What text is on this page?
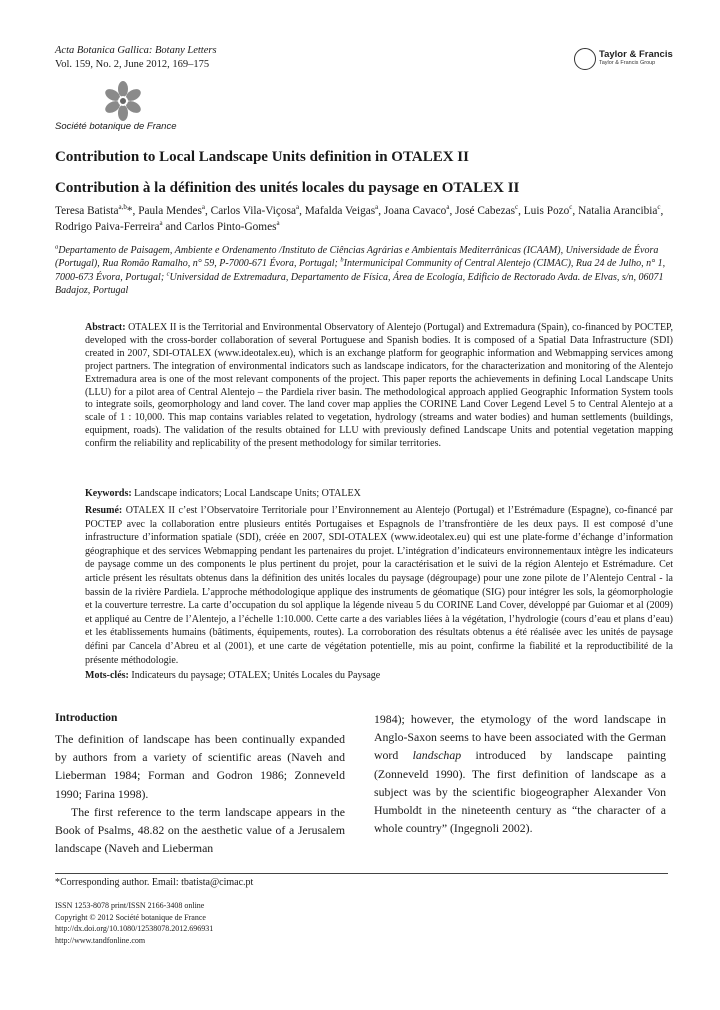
Acta Botanica Gallica: Botany Letters
Vol. 159, No. 2, June 2012, 169–175
Taylor & Francis
Taylor & Francis Group
Société botanique de France
Contribution to Local Landscape Units definition in OTALEX II
Contribution à la définition des unités locales du paysage en OTALEX II
Teresa Batista$^{a,b}$*, Paula Mendes$^a$, Carlos Vila-Viçosa$^a$, Mafalda Veigas$^a$, Joana Cavaco$^a$, José Cabezas$^c$, Luis Pozo$^c$, Natalia Arancibia$^c$, Rodrigo Paiva-Ferreira$^a$ and Carlos Pinto-Gomes$^a$
$^a$Departamento de Paisagem, Ambiente e Ordenamento /Instituto de Ciências Agrárias e Ambientais Mediterrânicas (ICAAM), Universidade de Évora (Portugal), Rua Romão Ramalho, n° 59, P-7000-671 Évora, Portugal; $^b$Intermunicipal Community of Central Alentejo (CIMAC), Rua 24 de Julho, n° 1, 7000-673 Évora, Portugal; $^c$Universidad de Extremadura, Departamento de Física, Área de Ecología, Edificio de Rectorado Avda. de Elvas, s/n, 06071 Badajoz, Portugal
Abstract: OTALEX II is the Territorial and Environmental Observatory of Alentejo (Portugal) and Extremadura (Spain), co-financed by POCTEP, developed with the cross-border collaboration of several Portuguese and Spanish bodies. It is composed of a Spatial Data Infrastructure (SDI) created in 2007, SDI-OTALEX (www.ideotalex.eu), which is an exchange platform for geographic information and Webmapping services among project partners. The integration of environmental indicators such as landscape indicators, for the characterization and monitoring of the Alentejo Extremadura area is one of the most relevant components of the project. This paper reports the achievements in defining Local Landscape Units (LLU) for a pilot area of Central Alentejo – the Pardiela river basin. The methodological approach applied Geographic Information System tools to integrate soils, geomorphology and land cover. The land cover map applies the CORINE Land Cover Legend Level 5 to Central Alentejo at a scale of 1 : 10,000. This map contains variables related to vegetation, hydrology (streams and water bodies) and human settlements (buildings, equipment, roads). The validation of the results obtained for LLU with previously defined Landscape Units and potential vegetation mapping confirm the reliability and replicability of the present methodology for similar territories.
Keywords: Landscape indicators; Local Landscape Units; OTALEX
Resumé: OTALEX II c’est l’Observatoire Territoriale pour l’Environnement au Alentejo (Portugal) et l’Estrémadure (Espagne), co-financé par POCTEP avec la collaboration entre plusieurs entités Portugaises et Espagnols de l’transfrontière de les deux pays. Il est composé d’une infrastructure d’information spatiale (SDI), créée en 2007, SDI-OTALEX (www.ideotalex.eu) qui est une plate-forme d’échange d’information géographique et des services Webmapping pendant les partenaires du projet. L’intégration d’indicateurs environnementaux intègre les indicateurs de paysage comme un des components le plus pertinent du projet, pour la caractérisation et le suivi de la région Alentejo et Estrémadure. Cet article présent les résultats obtenus dans la définition des unités locales du paysage (dégroupage) pour une zone pilote de l’Alentejo Central - la bassin de la rivière Pardiela. L’approche méthodologique applique des instruments de géomatique (SIG) pour intégrer les sols, la géomorphologie et la couverture terrestre. La carte d’occupation du sol applique la légende niveau 5 du CORINE Land Cover, développé par Guiomar et al (2009) et appliqué au Centre de l’Alentejo, a l’échelle 1:10.000. Cette carte a des variables liées à la végétation, l’hydrologie (cours d’eau et plans d’eau) et les établissements humains (bâtiments, équipements, routes). La corroboration des résultats obtenus a été réalisée avec les unités de paysage défini par Cancela d’Abreu et al (2001), et une carte de végétation potentielle, mis au point, confirme la fiabilité et la reproductibilité de la présente méthodologie.
Mots-clés: Indicateurs du paysage; OTALEX; Unités Locales du Paysage
Introduction

The definition of landscape has been continually expanded by authors from a variety of scientific areas (Naveh and Lieberman 1984; Forman and Godron 1986; Zonneveld 1990; Farina 1998).

The first reference to the term landscape appears in the Book of Psalms, 48.82 on the aesthetic value of a Jerusalem landscape (Naveh and Lieberman

1984); however, the etymology of the word landscape in Anglo-Saxon seems to have been associated with the German word landschap introduced by landscape painting (Zonneveld 1990). The first definition of landscape as a subject was by the scientific biogeographer Alexander Von Humboldt in the nineteenth century as “the character of a whole country” (Ingegnoli 2002).

*Corresponding author. Email: tbatista@cimac.pt
ISSN 1253-8078 print/ISSN 2166-3408 online
Copyright © 2012 Société botanique de France
http://dx.doi.org/10.1080/12538078.2012.696931
http://www.tandfonline.com
